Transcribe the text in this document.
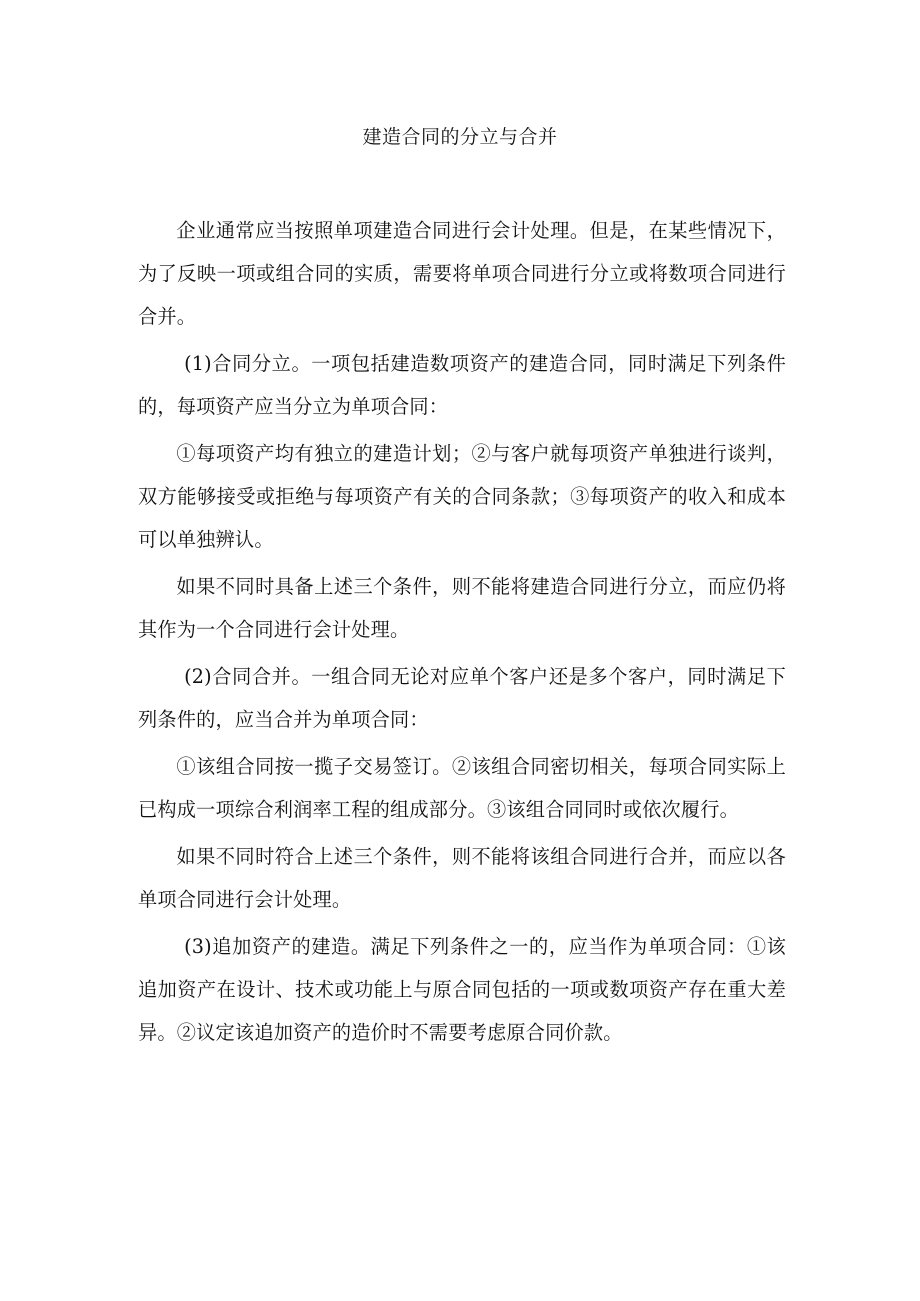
建造合同的分立与合并

企业通常应当按照单项建造合同进行会计处理。但是，在某些情况下，为了反映一项或组合同的实质，需要将单项合同进行分立或将数项合同进行合并。

(1)合同分立。一项包括建造数项资产的建造合同，同时满足下列条件的，每项资产应当分立为单项合同：

①每项资产均有独立的建造计划；②与客户就每项资产单独进行谈判，双方能够接受或拒绝与每项资产有关的合同条款；③每项资产的收入和成本可以单独辨认。

如果不同时具备上述三个条件，则不能将建造合同进行分立，而应仍将其作为一个合同进行会计处理。

(2)合同合并。一组合同无论对应单个客户还是多个客户，同时满足下列条件的，应当合并为单项合同：

①该组合同按一揽子交易签订。②该组合同密切相关，每项合同实际上已构成一项综合利润率工程的组成部分。③该组合同同时或依次履行。

如果不同时符合上述三个条件，则不能将该组合同进行合并，而应以各单项合同进行会计处理。

(3)追加资产的建造。满足下列条件之一的，应当作为单项合同：①该追加资产在设计、技术或功能上与原合同包括的一项或数项资产存在重大差异。②议定该追加资产的造价时不需要考虑原合同价款。
